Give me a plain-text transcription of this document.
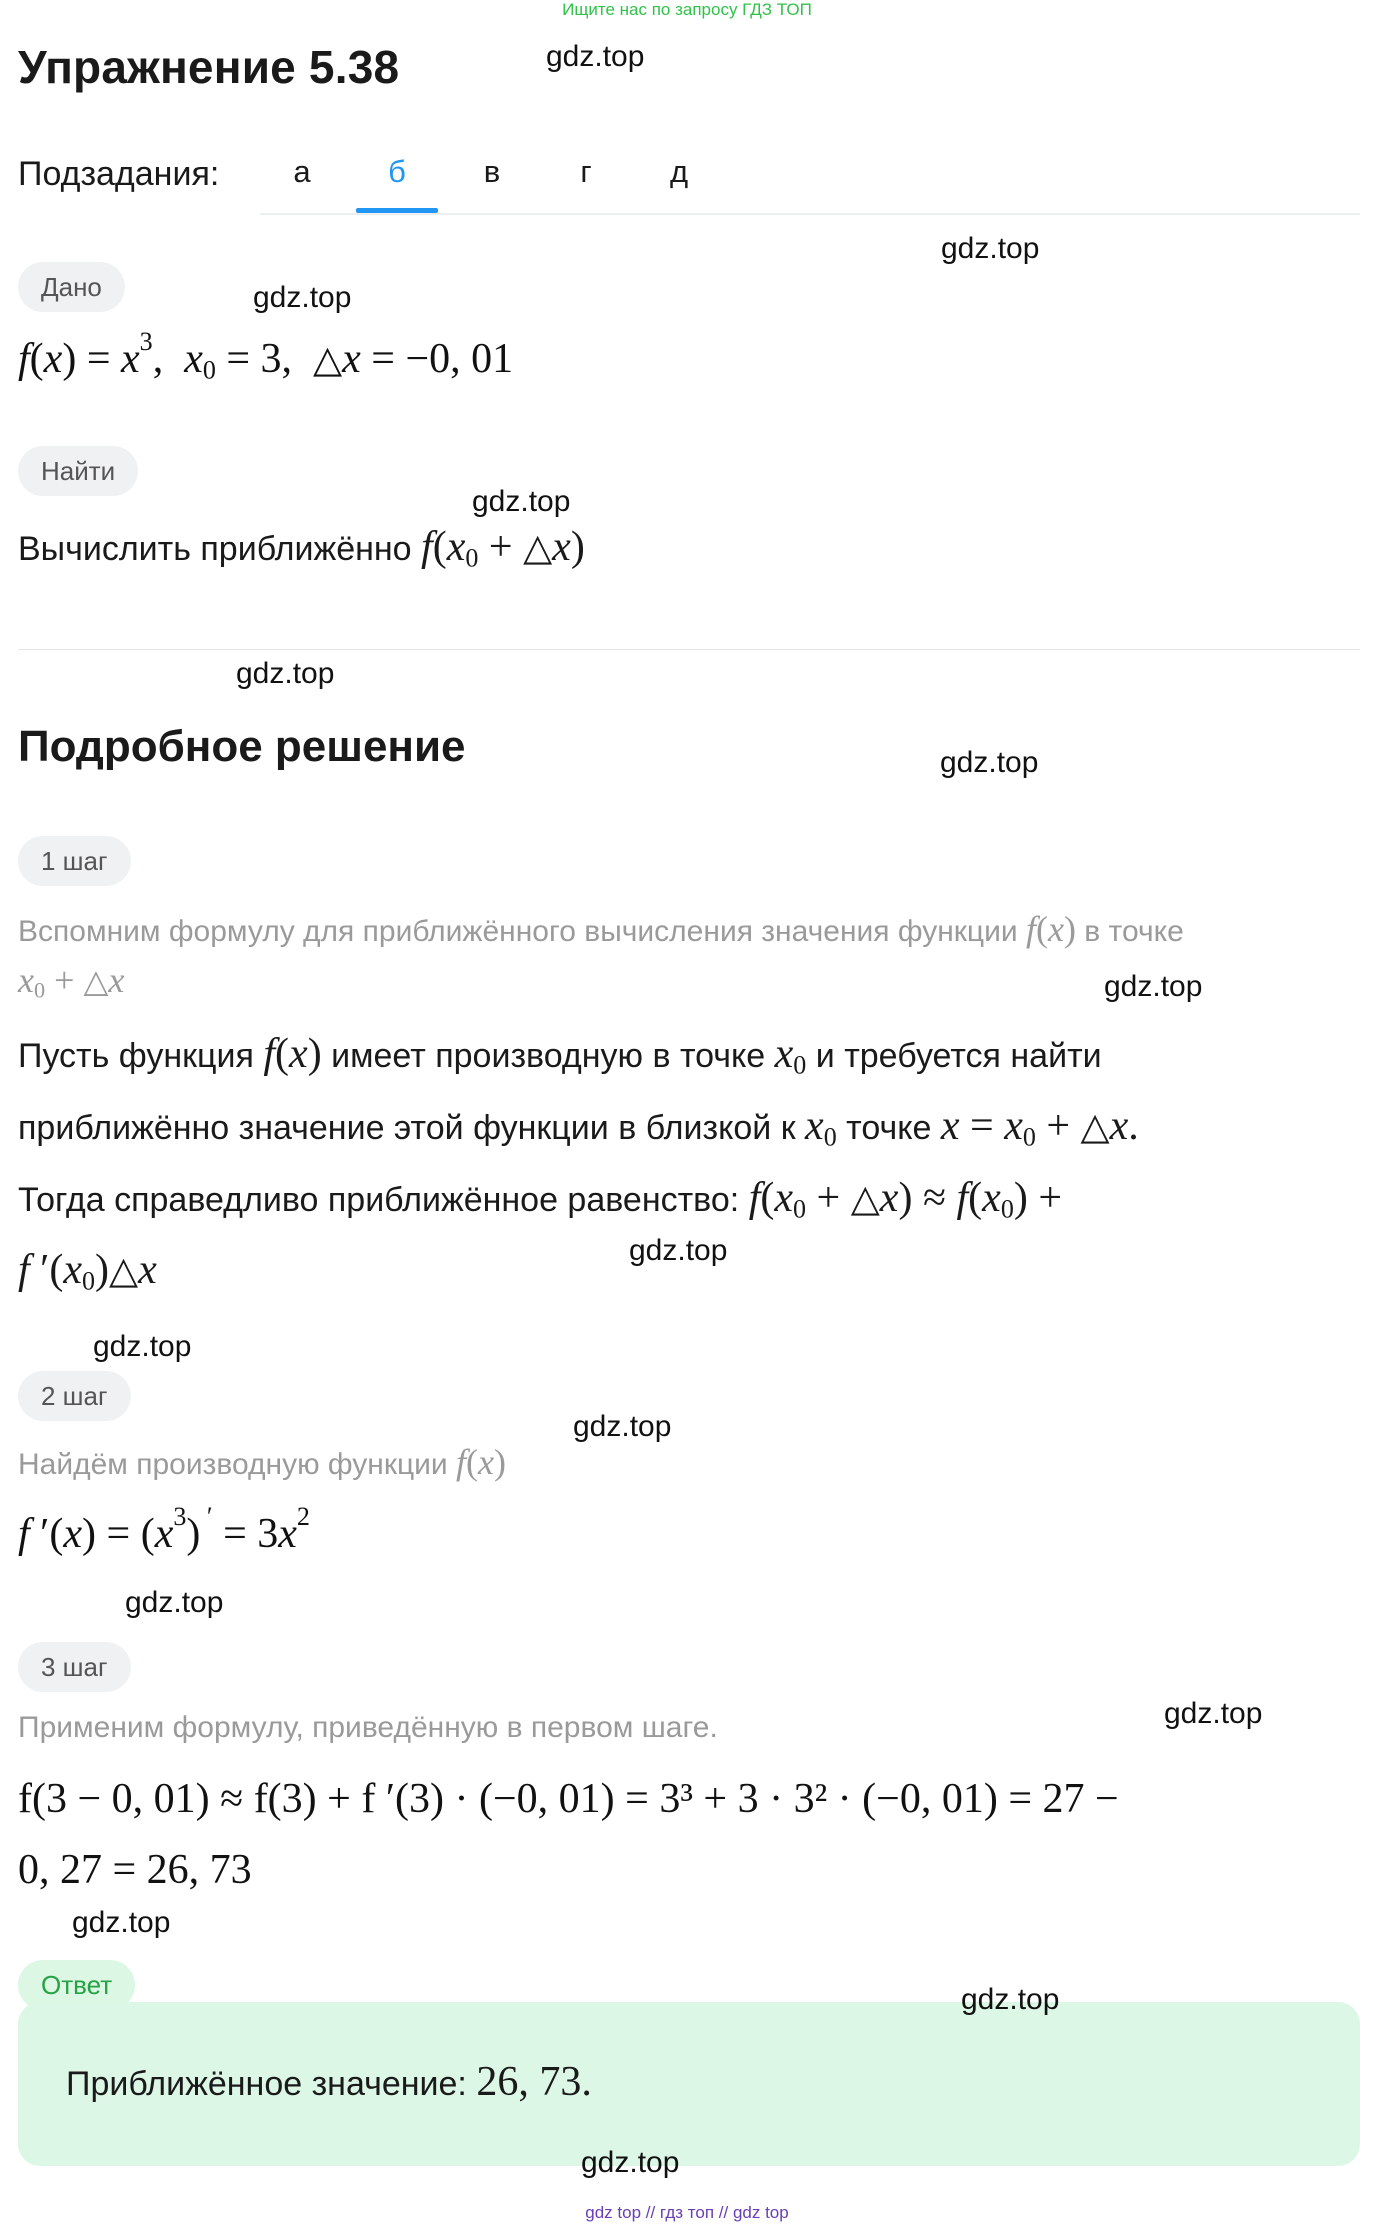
Ищите нас по запросу ГДЗ ТОП
Упражнение 5.38
Подзадания:	а	б	в	г	д
Дано
$f(x) = x^3$,  $x_0 = 3$,  △x = −0, 01
Найти
Вычислить приближённо $f(x_0$ + △x)
Подробное решение
1 шаг
Вспомним формулу для приближённого вычисления значения функции f(x) в точке
$x_0$ + △x
Пусть функция f(x) имеет производную в точке $x_0$ и требуется найти
приближённо значение этой функции в близкой к $x_0$ точке $x = x_0$ + △x.
Тогда справедливо приближённое равенство: $f(x_0$ + △x) ≈ $f(x_0)$ +
f $'(x_0)\triangle x$
2 шаг
Найдём производную функции f(x)
f $'(x) = (x^3) ' = 3x^2$
3 шаг
Применим формулу, приведённую в первом шаге.
f(3 − 0, 01) ≈ f(3) + f ′(3) · (−0, 01) = 3³ + 3 · 3² · (−0, 01) = 27 −
0, 27 = 26, 73
Ответ
Приближённое значение: 26, 73.
gdz.top
gdz.top
gdz.top
gdz.top
gdz.top
gdz.top
gdz.top
gdz.top
gdz.top
gdz.top
gdz.top
gdz.top
gdz.top
gdz.top
gdz.top
gdz top // гдз топ // gdz top
